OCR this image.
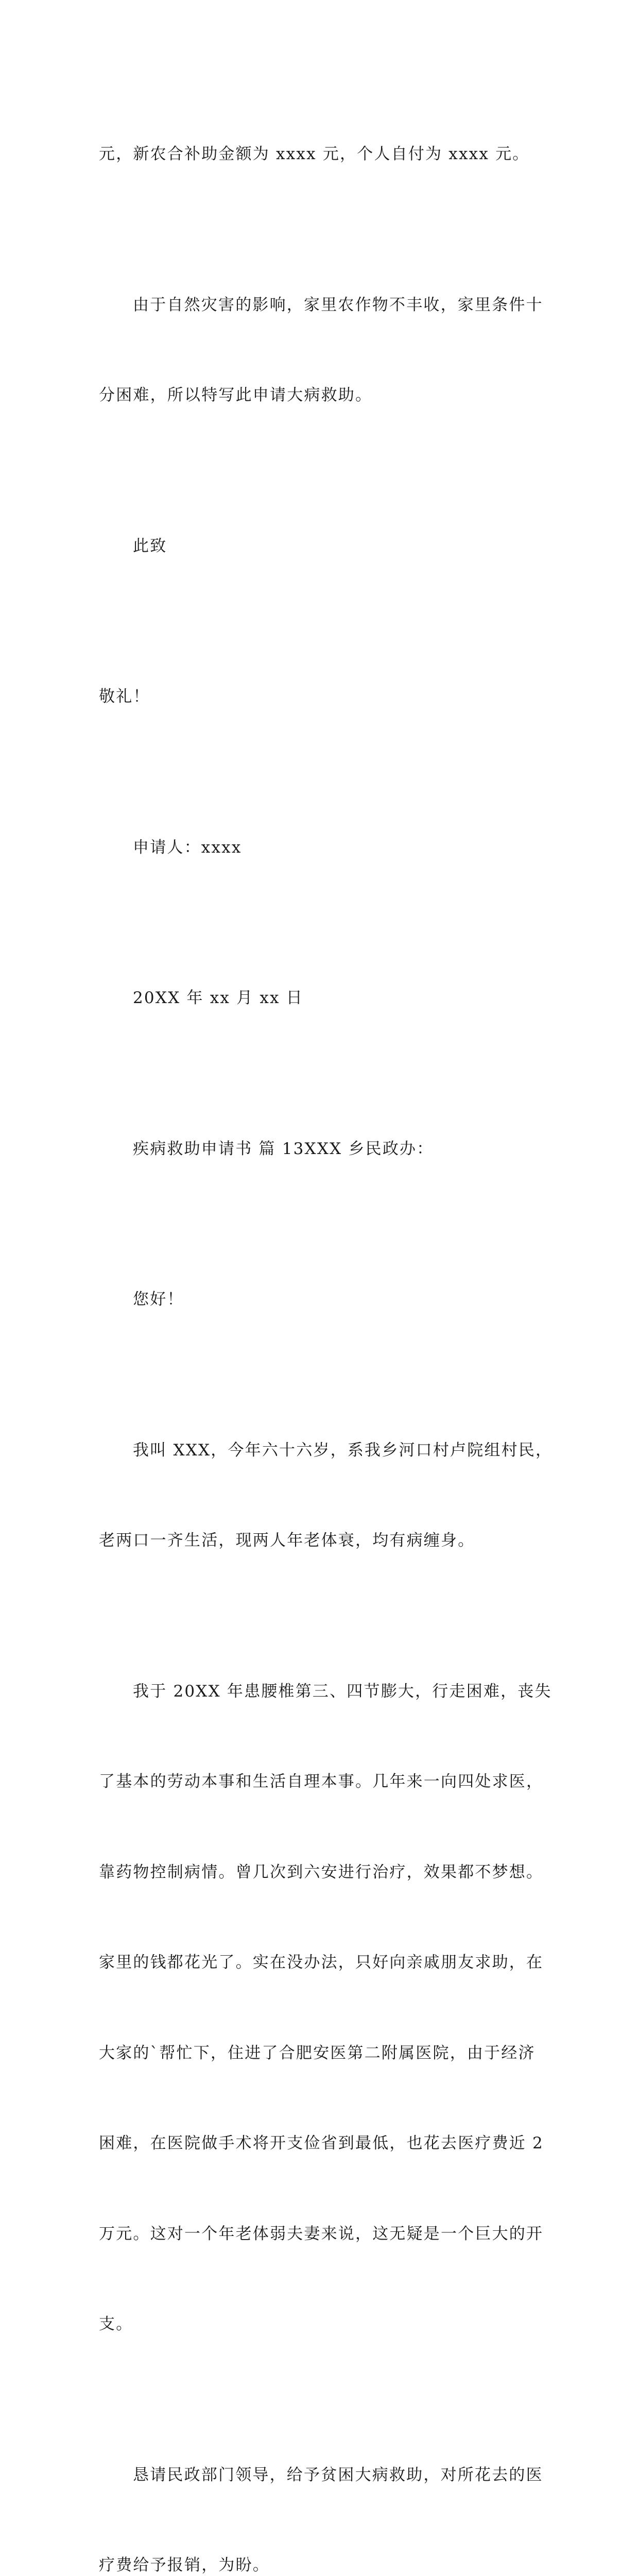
元，新农合补助金额为 xxxx 元，个人自付为 xxxx 元。

由于自然灾害的影响，家里农作物不丰收，家里条件十

分困难，所以特写此申请大病救助。

此致

敬礼！

申请人：xxxx

20XX 年 xx 月 xx 日

疾病救助申请书 篇 13XXX 乡民政办：

您好！

我叫 XXX，今年六十六岁，系我乡河口村卢院组村民，

老两口一齐生活，现两人年老体衰，均有病缠身。

我于 20XX 年患腰椎第三、四节膨大，行走困难，丧失

了基本的劳动本事和生活自理本事。几年来一向四处求医，

靠药物控制病情。曾几次到六安进行治疗，效果都不梦想。

家里的钱都花光了。实在没办法，只好向亲戚朋友求助，在

大家的`帮忙下，住进了合肥安医第二附属医院，由于经济

困难，在医院做手术将开支俭省到最低，也花去医疗费近 2

万元。这对一个年老体弱夫妻来说，这无疑是一个巨大的开

支。

恳请民政部门领导，给予贫困大病救助，对所花去的医

疗费给予报销，为盼。
